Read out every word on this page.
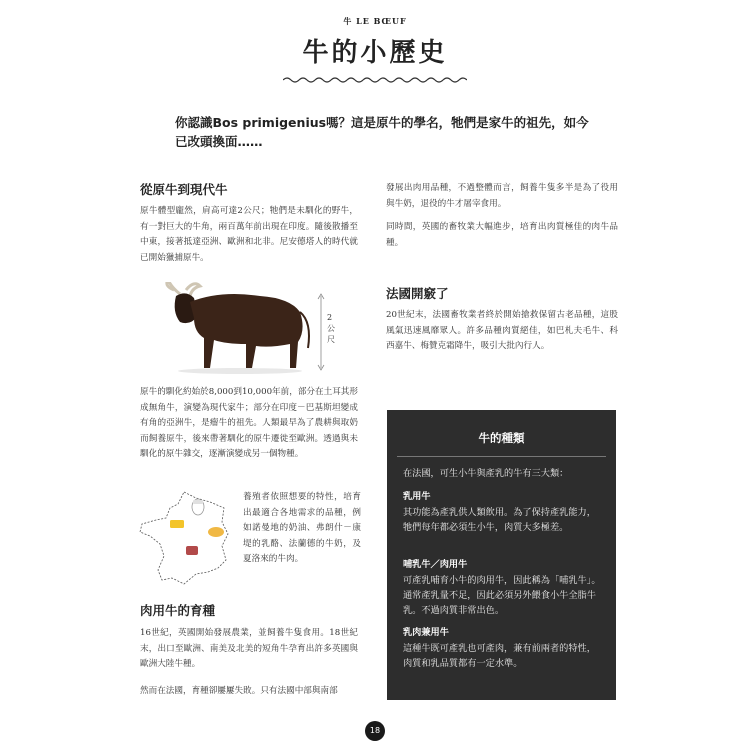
牛 LE BŒUF
牛的小歷史
你認識Bos primigenius嗎？這是原牛的學名，牠們是家牛的祖先，如今已改頭換面……
從原牛到現代牛
原牛體型龐然，肩高可達2公尺；牠們是未馴化的野牛，有一對巨大的牛角，兩百萬年前出現在印度。隨後散播至中東，接著抵達亞洲、歐洲和北非。尼安德塔人的時代就已開始獵捕原牛。
2公尺
原牛的馴化約始於8,000到10,000年前，部分在土耳其形成無角牛，演變為現代家牛；部分在印度－巴基斯坦變成有角的亞洲牛，是瘤牛的祖先。人類最早為了農耕與取奶而飼養原牛，後來帶著馴化的原牛遷徙至歐洲。透過與未馴化的原牛雜交，逐漸演變成另一個物種。
養殖者依照想要的特性，培育出最適合各地需求的品種，例如諾曼地的奶油、弗朗什－康堤的乳酪、法蘭德的牛奶，及夏洛來的牛肉。
肉用牛的育種
16世紀，英國開始發展農業，並飼養牛隻食用。18世紀末，出口至歐洲、南美及北美的短角牛孕育出許多英國與歐洲大陸牛種。
然而在法國，育種卻屢屢失敗。只有法國中部與南部
發展出肉用品種，不過整體而言，飼養牛隻多半是為了役用與牛奶，退役的牛才屠宰食用。
同時間，英國的畜牧業大幅進步，培育出肉質極佳的肉牛品種。
法國開竅了
20世紀末，法國畜牧業者終於開始搶救保留古老品種，這股風氣迅速風靡眾人。許多品種肉質絕佳，如巴札夫毛牛、科西嘉牛、梅贊克霜降牛，吸引大批內行人。
牛的種類
在法國，可生小牛與產乳的牛有三大類：
乳用牛
其功能為產乳供人類飲用。為了保持產乳能力，牠們每年都必須生小牛，肉質大多極差。
哺乳牛／肉用牛
可產乳哺育小牛的肉用牛，因此稱為「哺乳牛」。通常產乳量不足，因此必須另外餵食小牛全脂牛乳。不過肉質非常出色。
乳肉兼用牛
這種牛既可產乳也可產肉，兼有前兩者的特性，肉質和乳品質都有一定水準。
18
